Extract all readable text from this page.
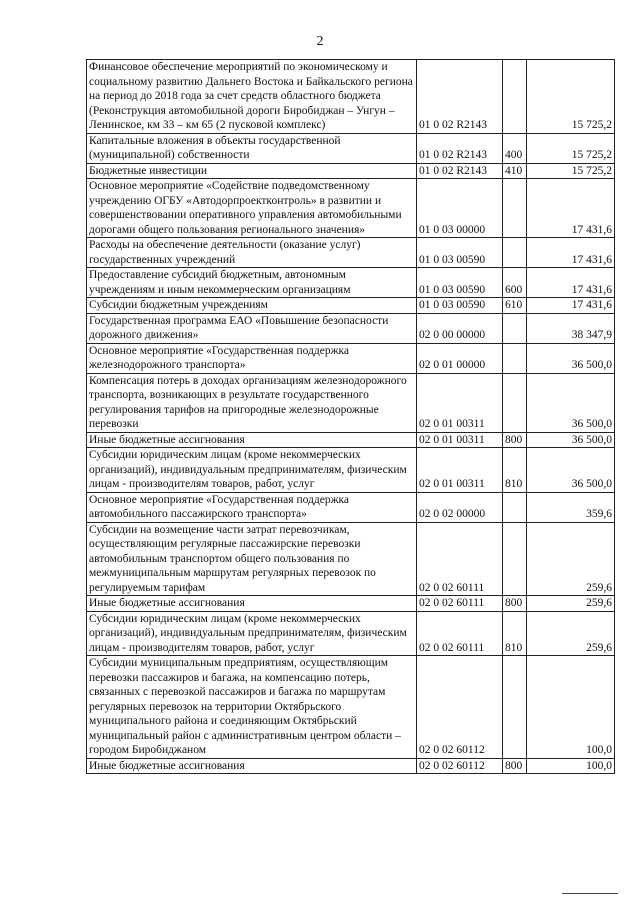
2
Финансовое обеспечение мероприятий по экономическому и социальному развитию Дальнего Востока и Байкальского региона на период до 2018 года за счет средств областного бюджета (Реконструкция автомобильной дороги Биробиджан – Унгун – Ленинское, км 33 – км 65 (2 пусковой комплекс)	01 0 02 R2143		15 725,2
Капитальные вложения в объекты государственной (муниципальной) собственности	01 0 02 R2143	400	15 725,2
Бюджетные инвестиции	01 0 02 R2143	410	15 725,2
Основное мероприятие «Содействие подведомственному учреждению ОГБУ «Автодорпроектконтроль» в развитии и совершенствовании оперативного управления автомобильными дорогами общего пользования регионального значения»	01 0 03 00000		17 431,6
Расходы на обеспечение деятельности (оказание услуг) государственных учреждений	01 0 03 00590		17 431,6
Предоставление субсидий бюджетным, автономным учреждениям и иным некоммерческим организациям	01 0 03 00590	600	17 431,6
Субсидии бюджетным учреждениям	01 0 03 00590	610	17 431,6
Государственная программа ЕАО «Повышение безопасности дорожного движения»	02 0 00 00000		38 347,9
Основное мероприятие «Государственная поддержка железнодорожного транспорта»	02 0 01 00000		36 500,0
Компенсация потерь в доходах организациям железнодорожного транспорта, возникающих в результате государственного регулирования тарифов на пригородные железнодорожные перевозки	02 0 01 00311		36 500,0
Иные бюджетные ассигнования	02 0 01 00311	800	36 500,0
Субсидии юридическим лицам (кроме некоммерческих организаций), индивидуальным предпринимателям, физическим лицам - производителям товаров, работ, услуг	02 0 01 00311	810	36 500,0
Основное мероприятие «Государственная поддержка автомобильного пассажирского транспорта»	02 0 02 00000		359,6
Субсидии на возмещение части затрат перевозчикам, осуществляющим регулярные пассажирские перевозки автомобильным транспортом общего пользования по межмуниципальным маршрутам регулярных перевозок по регулируемым тарифам	02 0 02 60111		259,6
Иные бюджетные ассигнования	02 0 02 60111	800	259,6
Субсидии юридическим лицам (кроме некоммерческих организаций), индивидуальным предпринимателям, физическим лицам - производителям товаров, работ, услуг	02 0 02 60111	810	259,6
Субсидии муниципальным предприятиям, осуществляющим перевозки пассажиров и багажа, на компенсацию потерь, связанных с перевозкой пассажиров и багажа по маршрутам регулярных перевозок на территории Октябрьского муниципального района и соединяющим Октябрьский муниципальный район с административным центром области – городом Биробиджаном	02 0 02 60112		100,0
Иные бюджетные ассигнования	02 0 02 60112	800	100,0
